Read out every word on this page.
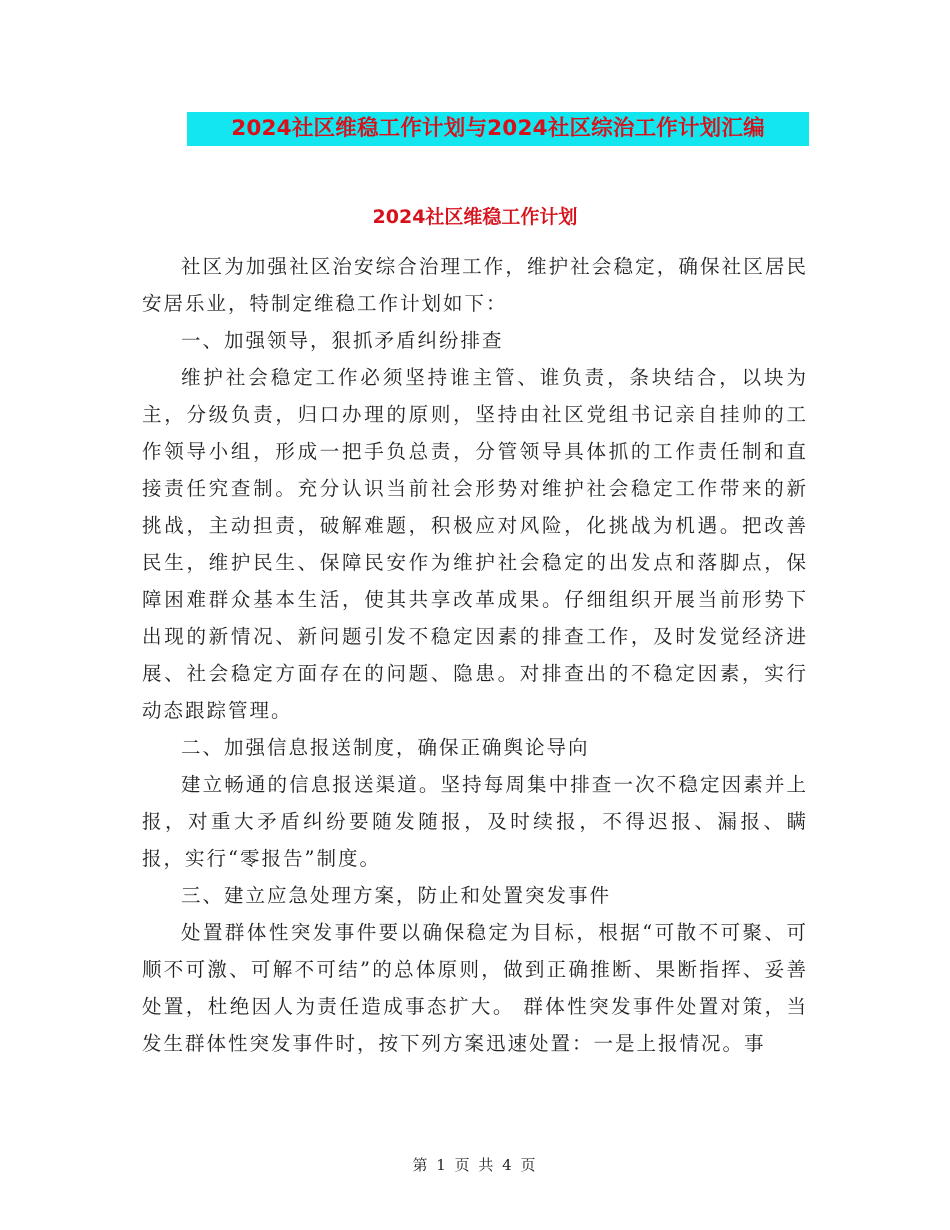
2024社区维稳工作计划与2024社区综治工作计划汇编
2024社区维稳工作计划

社区为加强社区治安综合治理工作，维护社会稳定，确保社区居民安居乐业，特制定维稳工作计划如下：

一、加强领导，狠抓矛盾纠纷排查

维护社会稳定工作必须坚持谁主管、谁负责，条块结合，以块为主，分级负责，归口办理的原则，坚持由社区党组书记亲自挂帅的工作领导小组，形成一把手负总责，分管领导具体抓的工作责任制和直接责任究查制。充分认识当前社会形势对维护社会稳定工作带来的新挑战，主动担责，破解难题，积极应对风险，化挑战为机遇。把改善民生，维护民生、保障民安作为维护社会稳定的出发点和落脚点，保障困难群众基本生活，使其共享改革成果。仔细组织开展当前形势下出现的新情况、新问题引发不稳定因素的排查工作，及时发觉经济进展、社会稳定方面存在的问题、隐患。对排查出的不稳定因素，实行动态跟踪管理。

二、加强信息报送制度，确保正确舆论导向

建立畅通的信息报送渠道。坚持每周集中排查一次不稳定因素并上报，对重大矛盾纠纷要随发随报，及时续报，不得迟报、漏报、瞒报，实行“零报告”制度。

三、建立应急处理方案，防止和处置突发事件

处置群体性突发事件要以确保稳定为目标，根据“可散不可聚、可顺不可激、可解不可结”的总体原则，做到正确推断、果断指挥、妥善处置，杜绝因人为责任造成事态扩大。 群体性突发事件处置对策，当发生群体性突发事件时，按下列方案迅速处置：一是上报情况。事

第 1 页 共 4 页
